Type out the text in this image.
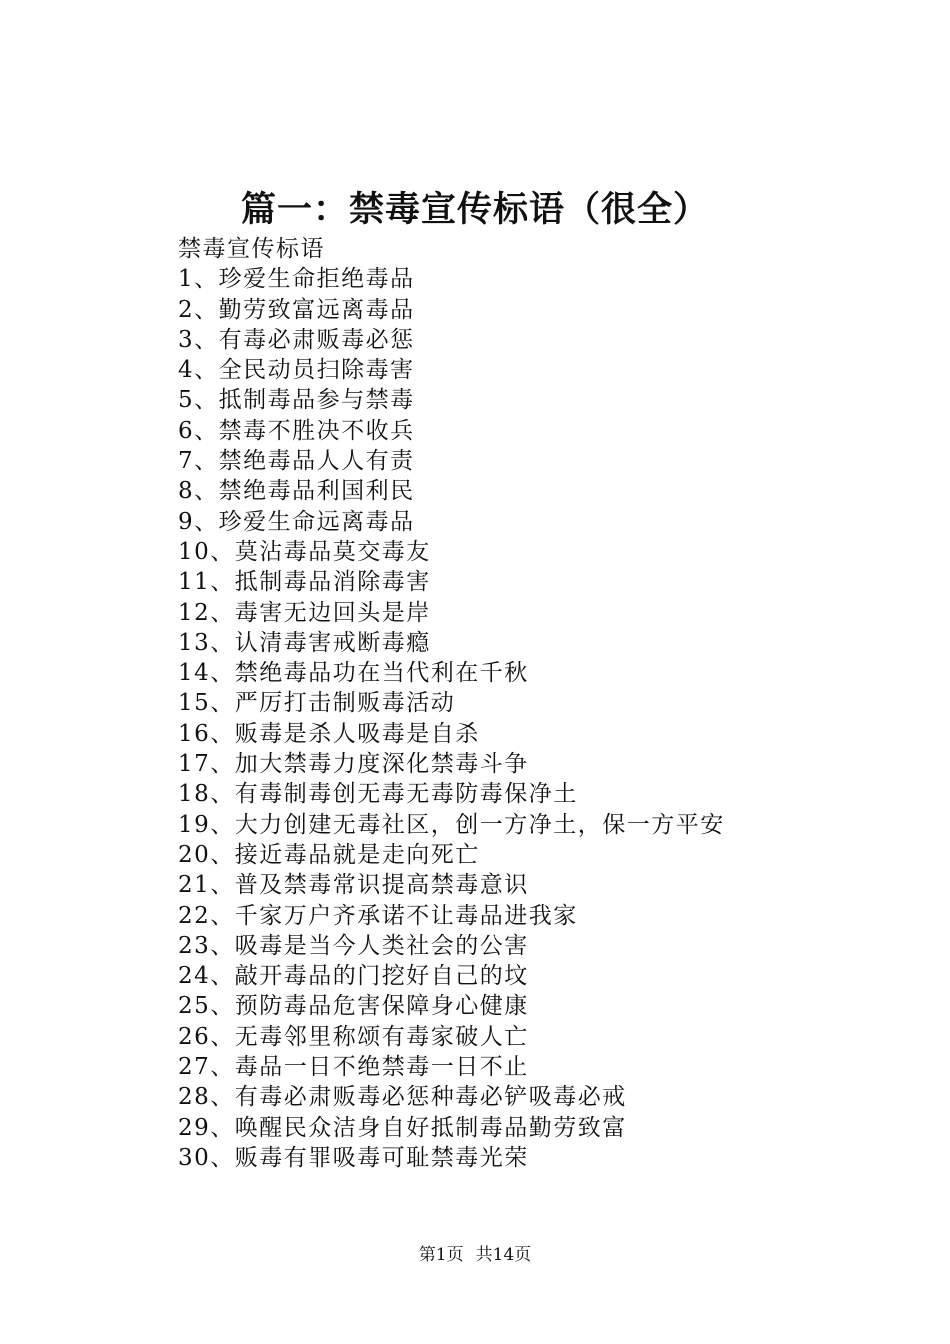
篇一：禁毒宣传标语（很全）
禁毒宣传标语
1、珍爱生命拒绝毒品
2、勤劳致富远离毒品
3、有毒必肃贩毒必惩
4、全民动员扫除毒害
5、抵制毒品参与禁毒
6、禁毒不胜决不收兵
7、禁绝毒品人人有责
8、禁绝毒品利国利民
9、珍爱生命远离毒品
10、莫沾毒品莫交毒友
11、抵制毒品消除毒害
12、毒害无边回头是岸
13、认清毒害戒断毒瘾
14、禁绝毒品功在当代利在千秋
15、严厉打击制贩毒活动
16、贩毒是杀人吸毒是自杀
17、加大禁毒力度深化禁毒斗争
18、有毒制毒创无毒无毒防毒保净土
19、大力创建无毒社区，创一方净土，保一方平安
20、接近毒品就是走向死亡
21、普及禁毒常识提高禁毒意识
22、千家万户齐承诺不让毒品进我家
23、吸毒是当今人类社会的公害
24、敲开毒品的门挖好自己的坟
25、预防毒品危害保障身心健康
26、无毒邻里称颂有毒家破人亡
27、毒品一日不绝禁毒一日不止
28、有毒必肃贩毒必惩种毒必铲吸毒必戒
29、唤醒民众洁身自好抵制毒品勤劳致富
30、贩毒有罪吸毒可耻禁毒光荣
第1页 共14页
